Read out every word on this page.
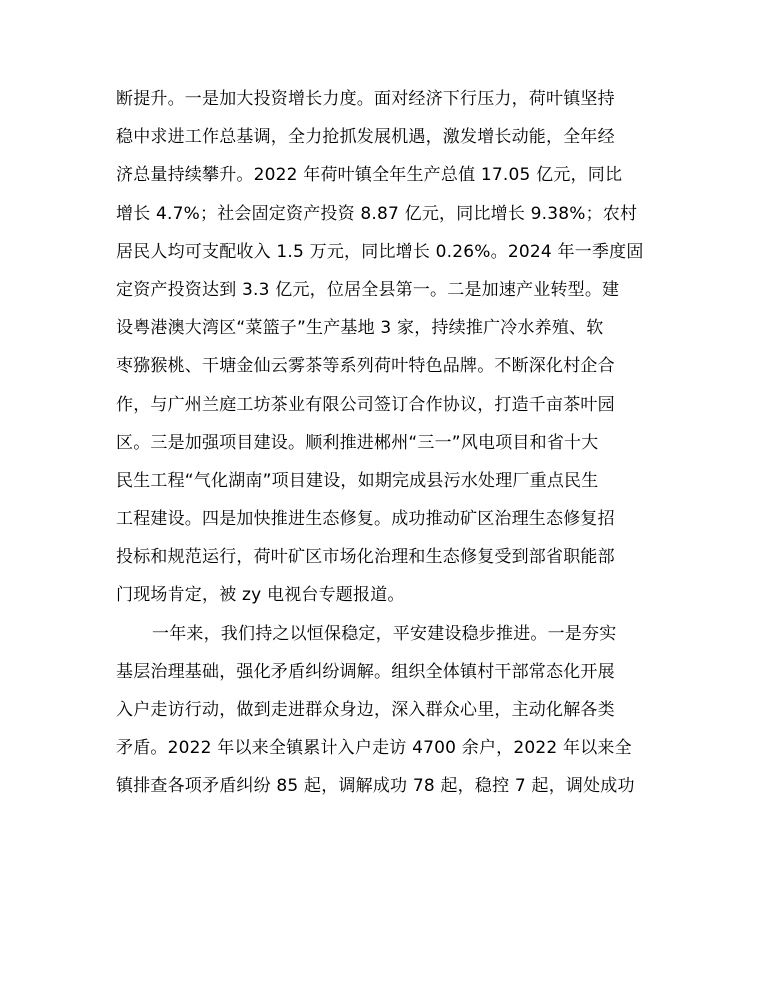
断提升。一是加大投资增长力度。面对经济下行压力，荷叶镇坚持
稳中求进工作总基调，全力抢抓发展机遇，激发增长动能，全年经
济总量持续攀升。2022 年荷叶镇全年生产总值 17.05 亿元，同比
增长 4.7%；社会固定资产投资 8.87 亿元，同比增长 9.38%；农村
居民人均可支配收入 1.5 万元，同比增长 0.26%。2024 年一季度固
定资产投资达到 3.3 亿元，位居全县第一。二是加速产业转型。建
设粤港澳大湾区“菜篮子”生产基地 3 家，持续推广冷水养殖、软
枣猕猴桃、干塘金仙云雾茶等系列荷叶特色品牌。不断深化村企合
作，与广州兰庭工坊茶业有限公司签订合作协议，打造千亩茶叶园
区。三是加强项目建设。顺利推进郴州“三一”风电项目和省十大
民生工程“气化湖南”项目建设，如期完成县污水处理厂重点民生
工程建设。四是加快推进生态修复。成功推动矿区治理生态修复招
投标和规范运行，荷叶矿区市场化治理和生态修复受到部省职能部
门现场肯定，被 zy 电视台专题报道。
一年来，我们持之以恒保稳定，平安建设稳步推进。一是夯实
基层治理基础，强化矛盾纠纷调解。组织全体镇村干部常态化开展
入户走访行动，做到走进群众身边，深入群众心里，主动化解各类
矛盾。2022 年以来全镇累计入户走访 4700 余户，2022 年以来全
镇排查各项矛盾纠纷 85 起，调解成功 78 起，稳控 7 起，调处成功
